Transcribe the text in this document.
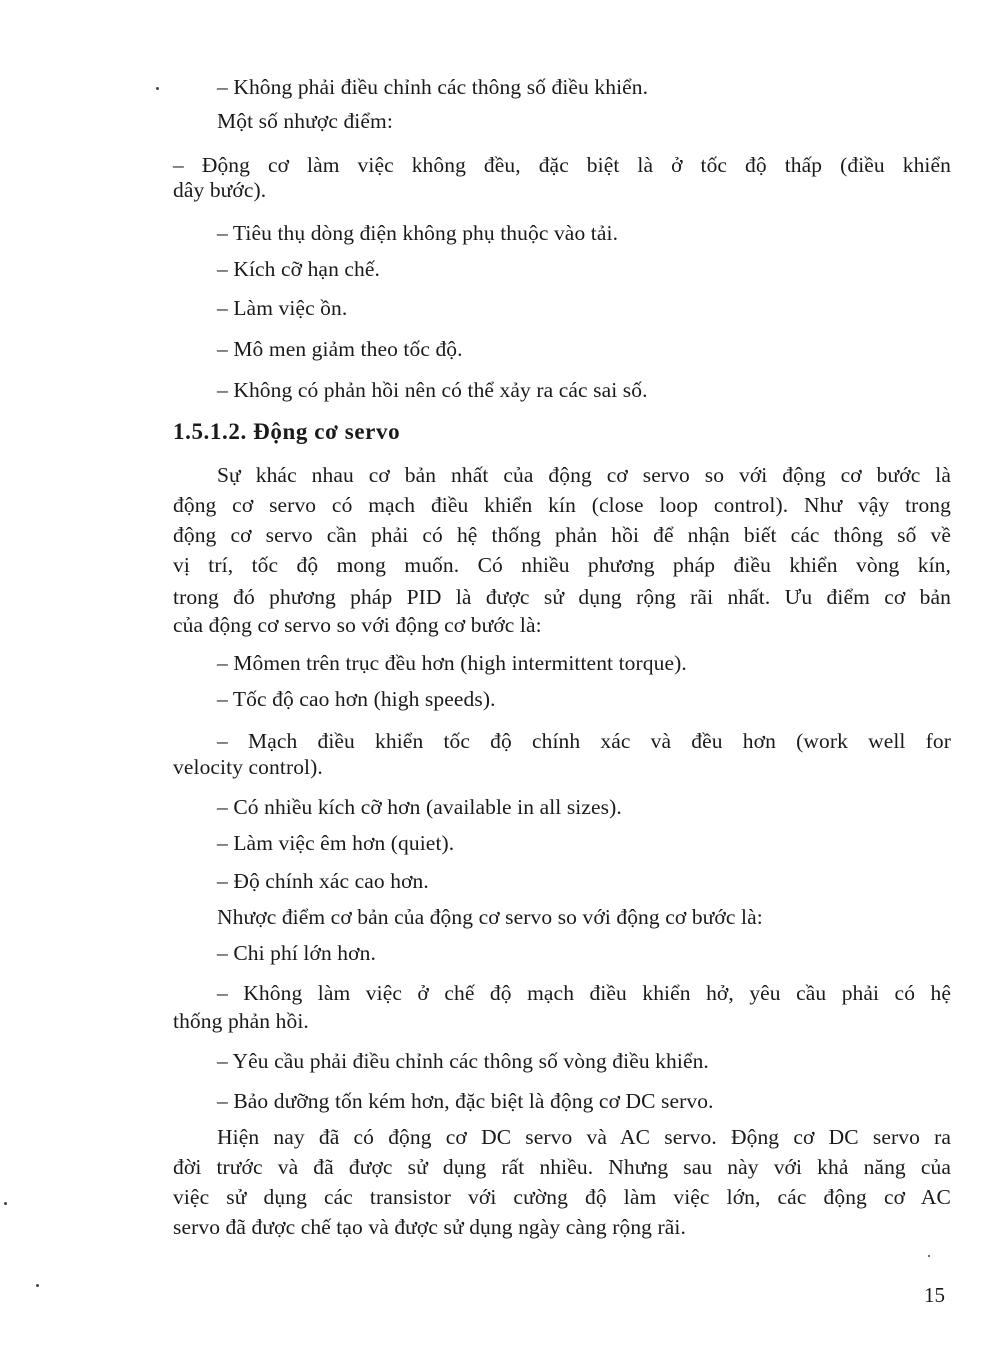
– Không phải điều chỉnh các thông số điều khiển.
Một số nhược điểm:
– Động cơ làm việc không đều, đặc biệt là ở tốc độ thấp (điều khiển
dây bước).
– Tiêu thụ dòng điện không phụ thuộc vào tải.
– Kích cỡ hạn chế.
– Làm việc ồn.
– Mô men giảm theo tốc độ.
– Không có phản hồi nên có thể xảy ra các sai số.
1.5.1.2. Động cơ servo
Sự khác nhau cơ bản nhất của động cơ servo so với động cơ bước là
động cơ servo có mạch điều khiển kín (close loop control). Như vậy trong
động cơ servo cần phải có hệ thống phản hồi để nhận biết các thông số về
vị trí, tốc độ mong muốn. Có nhiều phương pháp điều khiển vòng kín,
trong đó phương pháp PID là được sử dụng rộng rãi nhất. Ưu điểm cơ bản
của động cơ servo so với động cơ bước là:
– Mômen trên trục đều hơn (high intermittent torque).
– Tốc độ cao hơn (high speeds).
– Mạch điều khiển tốc độ chính xác và đều hơn (work well for
velocity control).
– Có nhiều kích cỡ hơn (available in all sizes).
– Làm việc êm hơn (quiet).
– Độ chính xác cao hơn.
Nhược điểm cơ bản của động cơ servo so với động cơ bước là:
– Chi phí lớn hơn.
– Không làm việc ở chế độ mạch điều khiển hở, yêu cầu phải có hệ
thống phản hồi.
– Yêu cầu phải điều chỉnh các thông số vòng điều khiển.
– Bảo dưỡng tốn kém hơn, đặc biệt là động cơ DC servo.
Hiện nay đã có động cơ DC servo và AC servo. Động cơ DC servo ra
đời trước và đã được sử dụng rất nhiều. Nhưng sau này với khả năng của
việc sử dụng các transistor với cường độ làm việc lớn, các động cơ AC
servo đã được chế tạo và được sử dụng ngày càng rộng rãi.
15
